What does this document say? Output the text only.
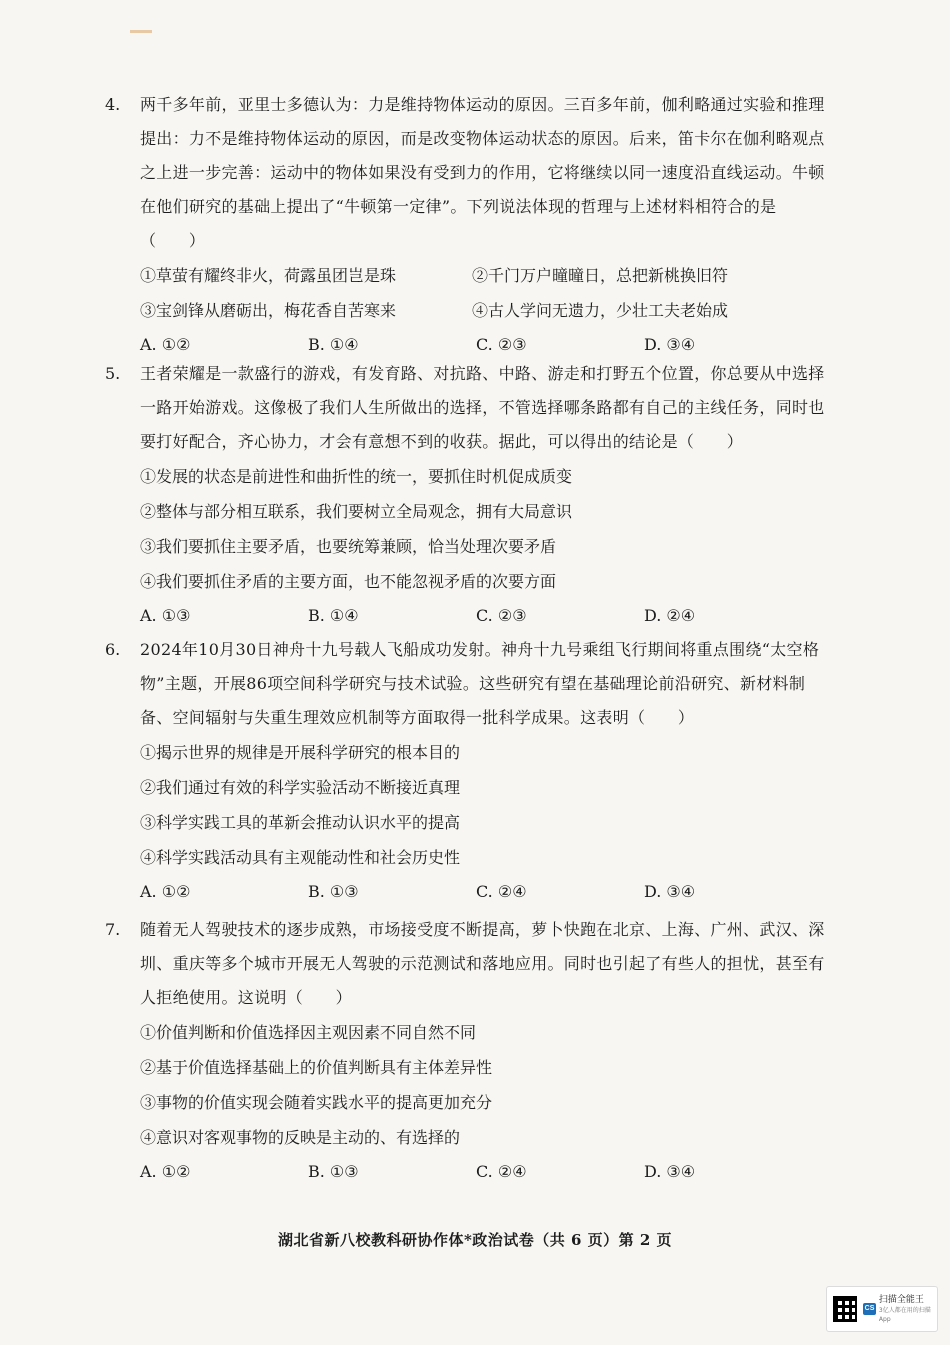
4. 两千多年前，亚里士多德认为：力是维持物体运动的原因。三百多年前，伽利略通过实验和推理提出：力不是维持物体运动的原因，而是改变物体运动状态的原因。后来，笛卡尔在伽利略观点之上进一步完善：运动中的物体如果没有受到力的作用，它将继续以同一速度沿直线运动。牛顿在他们研究的基础上提出了“牛顿第一定律”。下列说法体现的哲理与上述材料相符合的是（　　）

①草萤有耀终非火，荷露虽团岂是珠	②千门万户曈曈日，总把新桃换旧符
③宝剑锋从磨砺出，梅花香自苦寒来	④古人学问无遗力，少壮工夫老始成
A. ①②	B. ①④	C. ②③	D. ③④
5. 王者荣耀是一款盛行的游戏，有发育路、对抗路、中路、游走和打野五个位置，你总要从中选择一路开始游戏。这像极了我们人生所做出的选择，不管选择哪条路都有自己的主线任务，同时也要打好配合，齐心协力，才会有意想不到的收获。据此，可以得出的结论是（　　）

①发展的状态是前进性和曲折性的统一，要抓住时机促成质变
②整体与部分相互联系，我们要树立全局观念，拥有大局意识
③我们要抓住主要矛盾，也要统筹兼顾，恰当处理次要矛盾
④我们要抓住矛盾的主要方面，也不能忽视矛盾的次要方面
A. ①③	B. ①④	C. ②③	D. ②④
6. 2024年10月30日神舟十九号载人飞船成功发射。神舟十九号乘组飞行期间将重点围绕“太空格物”主题，开展86项空间科学研究与技术试验。这些研究有望在基础理论前沿研究、新材料制备、空间辐射与失重生理效应机制等方面取得一批科学成果。这表明（　　）

①揭示世界的规律是开展科学研究的根本目的
②我们通过有效的科学实验活动不断接近真理
③科学实践工具的革新会推动认识水平的提高
④科学实践活动具有主观能动性和社会历史性
A. ①②	B. ①③	C. ②④	D. ③④
7. 随着无人驾驶技术的逐步成熟，市场接受度不断提高，萝卜快跑在北京、上海、广州、武汉、深圳、重庆等多个城市开展无人驾驶的示范测试和落地应用。同时也引起了有些人的担忧，甚至有人拒绝使用。这说明（　　）

①价值判断和价值选择因主观因素不同自然不同
②基于价值选择基础上的价值判断具有主体差异性
③事物的价值实现会随着实践水平的提高更加充分
④意识对客观事物的反映是主动的、有选择的
A. ①②	B. ①③	C. ②④	D. ③④
湖北省新八校教科研协作体*政治试卷（共 6 页）第 2 页
CS
扫描全能王
3亿人都在用的扫描App
